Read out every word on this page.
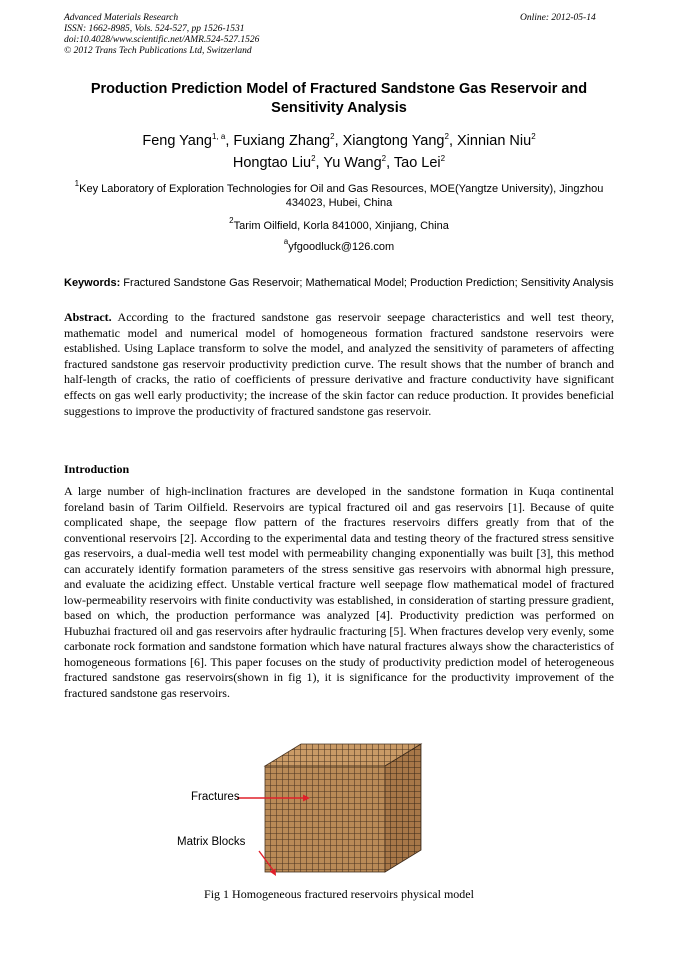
Advanced Materials Research
ISSN: 1662-8985, Vols. 524-527, pp 1526-1531
doi:10.4028/www.scientific.net/AMR.524-527.1526
© 2012 Trans Tech Publications Ltd, Switzerland
Online: 2012-05-14
Production Prediction Model of Fractured Sandstone Gas Reservoir and Sensitivity Analysis
Feng Yang$^{1, a}$, Fuxiang Zhang$^2$, Xiangtong Yang$^2$, Xinnian Niu$^2$
Hongtao Liu$^2$, Yu Wang$^2$, Tao Lei$^2$
$^1$Key Laboratory of Exploration Technologies for Oil and Gas Resources, MOE(Yangtze University), Jingzhou 434023, Hubei, China
$^2$Tarim Oilfield, Korla 841000, Xinjiang, China
$^a$yfgoodluck@126.com
Keywords: Fractured Sandstone Gas Reservoir; Mathematical Model; Production Prediction; Sensitivity Analysis
Abstract. According to the fractured sandstone gas reservoir seepage characteristics and well test theory, mathematic model and numerical model of homogeneous formation fractured sandstone reservoirs were established. Using Laplace transform to solve the model, and analyzed the sensitivity of parameters of affecting fractured sandstone gas reservoir productivity prediction curve. The result shows that the number of branch and half-length of cracks, the ratio of coefficients of pressure derivative and fracture conductivity have significant effects on gas well early productivity; the increase of the skin factor can reduce production. It provides beneficial suggestions to improve the productivity of fractured sandstone gas reservoir.
Introduction
A large number of high-inclination fractures are developed in the sandstone formation in Kuqa continental foreland basin of Tarim Oilfield. Reservoirs are typical fractured oil and gas reservoirs [1]. Because of quite complicated shape, the seepage flow pattern of the fractures reservoirs differs greatly from that of the conventional reservoirs [2]. According to the experimental data and testing theory of the fractured stress sensitive gas reservoirs, a dual-media well test model with permeability changing exponentially was built [3], this method can accurately identify formation parameters of the stress sensitive gas reservoirs with abnormal high pressure, and evaluate the acidizing effect. Unstable vertical fracture well seepage flow mathematical model of fractured low-permeability reservoirs with finite conductivity was established, in consideration of starting pressure gradient, based on which, the production performance was analyzed [4]. Productivity prediction was performed on Hubuzhai fractured oil and gas reservoirs after hydraulic fracturing [5]. When fractures develop very evenly, some carbonate rock formation and sandstone formation which have natural fractures always show the characteristics of homogeneous formations [6]. This paper focuses on the study of productivity prediction model of heterogeneous fractured sandstone gas reservoirs(shown in fig 1), it is significance for the productivity improvement of the fractured sandstone gas reservoirs.
Fractures
Matrix Blocks
Fig 1 Homogeneous fractured reservoirs physical model
